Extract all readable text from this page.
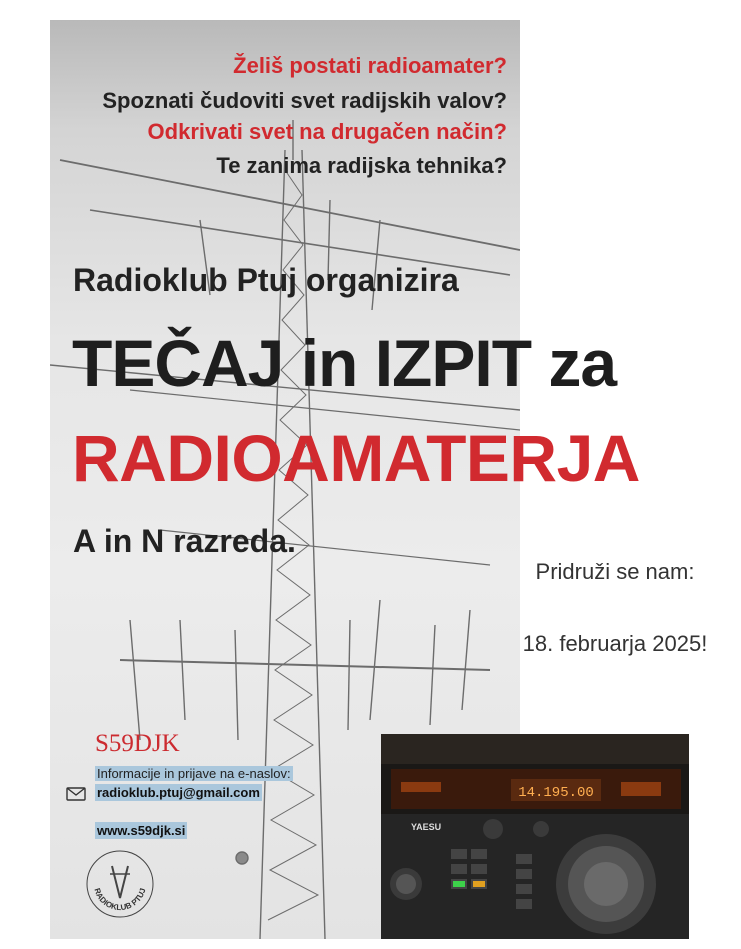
Želiš postati radioamater?
Spoznati čudoviti svet radijskih valov?
Odkrivati svet na drugačen način?
Te zanima radijska tehnika?
Radioklub Ptuj organizira
TEČAJ in IZPIT za
RADIOAMATERJA
A in N razreda.
Pridruži se nam:
18. februarja 2025!
S59DJK
Informacije in prijave na e-naslov:
radioklub.ptuj@gmail.com
www.s59djk.si
RADIOKLUB PTUJ
14.195.00
YAESU
